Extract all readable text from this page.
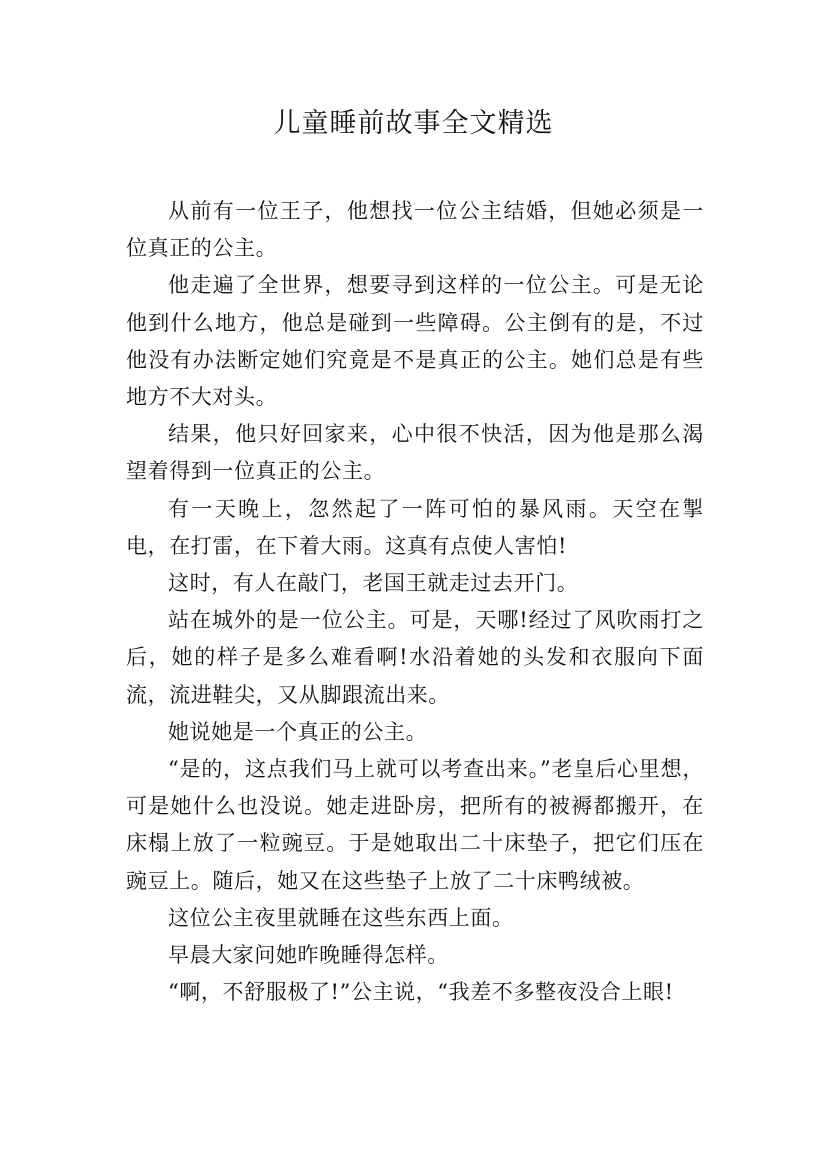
儿童睡前故事全文精选

从前有一位王子，他想找一位公主结婚，但她必须是一位真正的公主。

他走遍了全世界，想要寻到这样的一位公主。可是无论他到什么地方，他总是碰到一些障碍。公主倒有的是，不过他没有办法断定她们究竟是不是真正的公主。她们总是有些地方不大对头。

结果，他只好回家来，心中很不快活，因为他是那么渴望着得到一位真正的公主。

有一天晚上，忽然起了一阵可怕的暴风雨。天空在掣电，在打雷，在下着大雨。这真有点使人害怕!

这时，有人在敲门，老国王就走过去开门。

站在城外的是一位公主。可是，天哪!经过了风吹雨打之后，她的样子是多么难看啊!水沿着她的头发和衣服向下面流，流进鞋尖，又从脚跟流出来。

她说她是一个真正的公主。

“是的，这点我们马上就可以考查出来。”老皇后心里想，可是她什么也没说。她走进卧房，把所有的被褥都搬开，在床榻上放了一粒豌豆。于是她取出二十床垫子，把它们压在豌豆上。随后，她又在这些垫子上放了二十床鸭绒被。

这位公主夜里就睡在这些东西上面。

早晨大家问她昨晚睡得怎样。

“啊，不舒服极了!”公主说，“我差不多整夜没合上眼!
